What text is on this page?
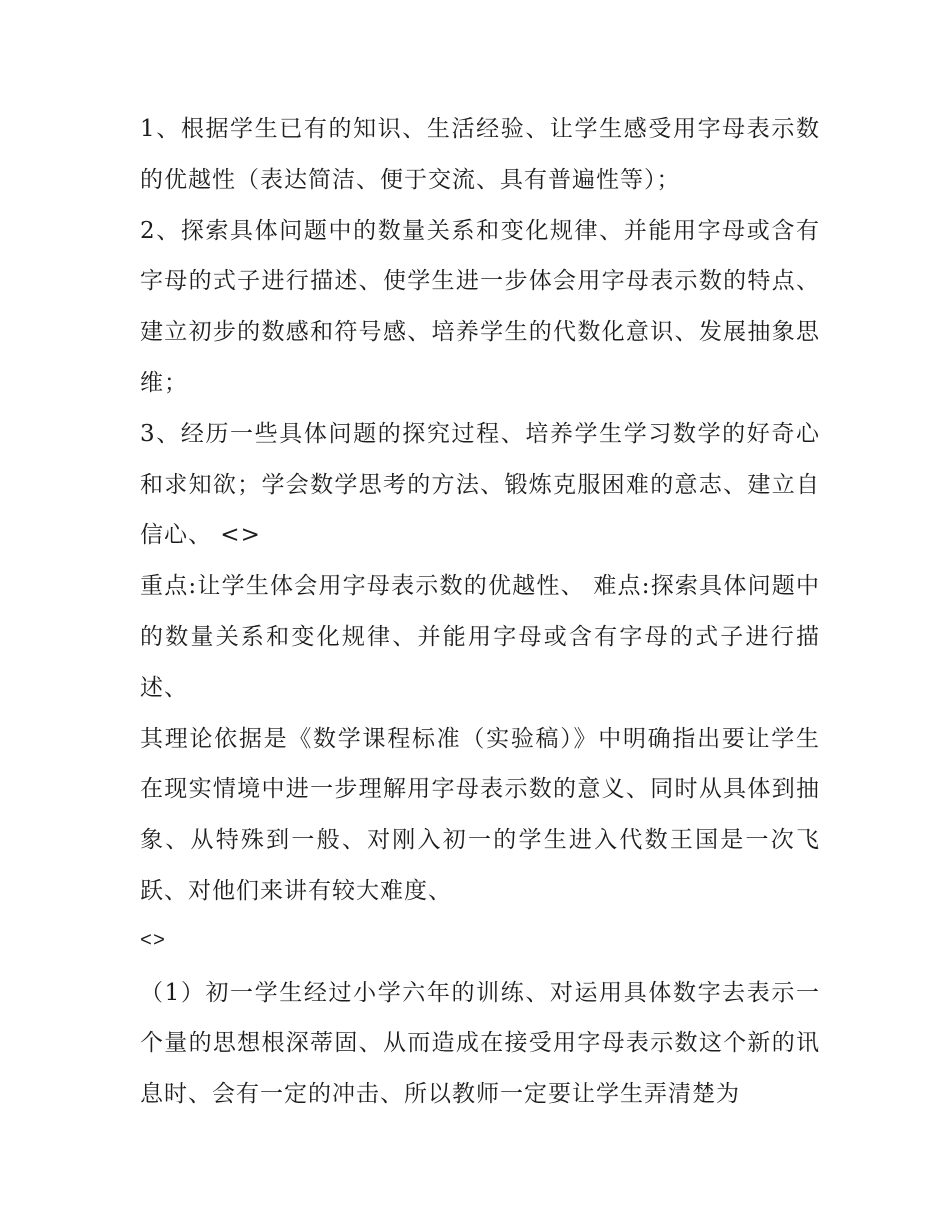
1、根据学生已有的知识、生活经验、让学生感受用字母表示数的优越性（表达简洁、便于交流、具有普遍性等）；

2、探索具体问题中的数量关系和变化规律、并能用字母或含有字母的式子进行描述、使学生进一步体会用字母表示数的特点、建立初步的数感和符号感、培养学生的代数化意识、发展抽象思维；

3、经历一些具体问题的探究过程、培养学生学习数学的好奇心和求知欲；学会数学思考的方法、锻炼克服困难的意志、建立自信心、 <>

重点:让学生体会用字母表示数的优越性、 难点:探索具体问题中的数量关系和变化规律、并能用字母或含有字母的式子进行描述、

其理论依据是《数学课程标准（实验稿）》中明确指出要让学生在现实情境中进一步理解用字母表示数的意义、同时从具体到抽象、从特殊到一般、对刚入初一的学生进入代数王国是一次飞跃、对他们来讲有较大难度、

<>

（1）初一学生经过小学六年的训练、对运用具体数字去表示一个量的思想根深蒂固、从而造成在接受用字母表示数这个新的讯息时、会有一定的冲击、所以教师一定要让学生弄清楚为
